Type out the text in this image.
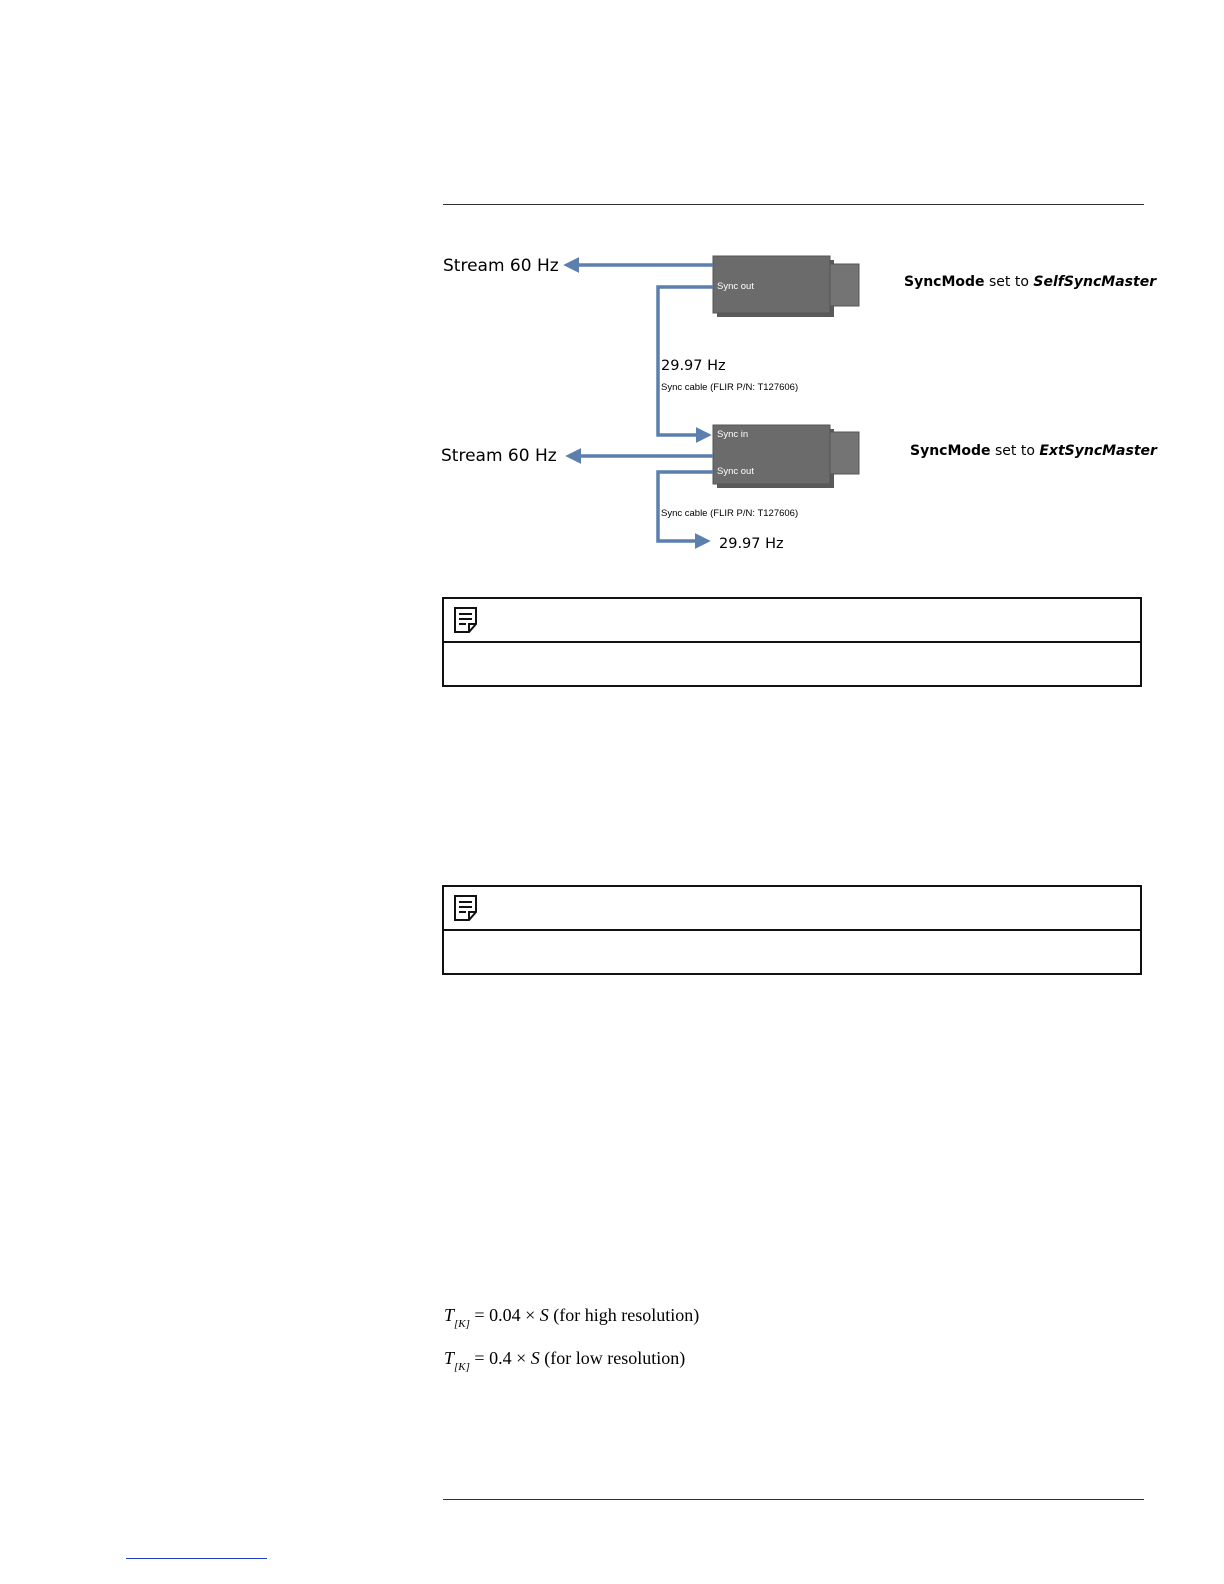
Sync out
Sync in
Sync out
Stream 60 Hz
Stream 60 Hz
29.97 Hz
Sync cable (FLIR P/N: T127606)
Sync cable (FLIR P/N: T127606)
29.97 Hz
SyncMode set to SelfSyncMaster
SyncMode set to ExtSyncMaster
$T_{[K]} = 0.04 \times S$ (for high resolution)
$T_{[K]} = 0.4 \times S$ (for low resolution)
